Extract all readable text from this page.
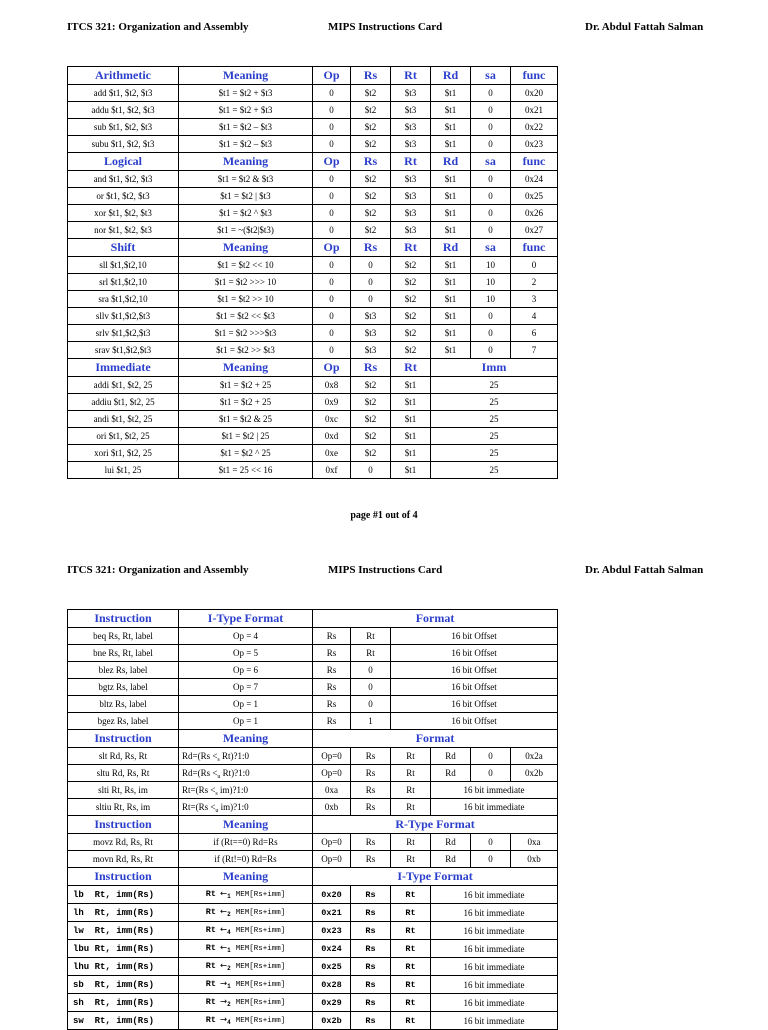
ITCS 321: Organization and Assembly	MIPS Instructions Card	Dr. Abdul Fattah Salman
Arithmetic	Meaning	Op	Rs	Rt	Rd	sa	func
add $t1, $t2, $t3	$t1 = $t2 + $t3	0	$t2	$t3	$t1	0	0x20
addu $t1, $t2, $t3	$t1 = $t2 + $t3	0	$t2	$t3	$t1	0	0x21
sub $t1, $t2, $t3	$t1 = $t2 – $t3	0	$t2	$t3	$t1	0	0x22
subu $t1, $t2, $t3	$t1 = $t2 – $t3	0	$t2	$t3	$t1	0	0x23
Logical	Meaning	Op	Rs	Rt	Rd	sa	func
and $t1, $t2, $t3	$t1 = $t2 & $t3	0	$t2	$t3	$t1	0	0x24
or $t1, $t2, $t3	$t1 = $t2 | $t3	0	$t2	$t3	$t1	0	0x25
xor $t1, $t2, $t3	$t1 = $t2 ^ $t3	0	$t2	$t3	$t1	0	0x26
nor $t1, $t2, $t3	$t1 = ~($t2|$t3)	0	$t2	$t3	$t1	0	0x27
Shift	Meaning	Op	Rs	Rt	Rd	sa	func
sll $t1,$t2,10	$t1 = $t2 << 10	0	0	$t2	$t1	10	0
srl $t1,$t2,10	$t1 = $t2 >>> 10	0	0	$t2	$t1	10	2
sra $t1,$t2,10	$t1 = $t2 >> 10	0	0	$t2	$t1	10	3
sllv $t1,$t2,$t3	$t1 = $t2 << $t3	0	$t3	$t2	$t1	0	4
srlv $t1,$t2,$t3	$t1 = $t2 >>>$t3	0	$t3	$t2	$t1	0	6
srav $t1,$t2,$t3	$t1 = $t2 >> $t3	0	$t3	$t2	$t1	0	7
Immediate	Meaning	Op	Rs	Rt	Imm		
addi $t1, $t2, 25	$t1 = $t2 + 25	0x8	$t2	$t1	25		
addiu $t1, $t2, 25	$t1 = $t2 + 25	0x9	$t2	$t1	25		
andi $t1, $t2, 25	$t1 = $t2 & 25	0xc	$t2	$t1	25		
ori $t1, $t2, 25	$t1 = $t2 | 25	0xd	$t2	$t1	25		
xori $t1, $t2, 25	$t1 = $t2 ^ 25	0xe	$t2	$t1	25		
lui $t1, 25	$t1 = 25 << 16	0xf	0	$t1	25		
page #1 out of 4
ITCS 321: Organization and Assembly	MIPS Instructions Card	Dr. Abdul Fattah Salman
Instruction	I-Type Format	Format					
beq Rs, Rt, label	Op = 4	Rs	Rt	16 bit Offset			
bne Rs, Rt, label	Op = 5	Rs	Rt	16 bit Offset			
blez Rs, label	Op = 6	Rs	0	16 bit Offset			
bgtz Rs, label	Op = 7	Rs	0	16 bit Offset			
bltz Rs, label	Op = 1	Rs	0	16 bit Offset			
bgez Rs, label	Op = 1	Rs	1	16 bit Offset			
Instruction	Meaning	Format					
slt Rd, Rs, Rt	$Rd=(Rs <_s$ Rt)?1:0	Op=0	Rs	Rt	Rd	0	0x2a
sltu Rd, Rs, Rt	$Rd=(Rs <_u$ Rt)?1:0	Op=0	Rs	Rt	Rd	0	0x2b
slti Rt, Rs, im	$Rt=(Rs <_s$ im)?1:0	0xa	Rs	Rt	16 bit immediate		
sltiu Rt, Rs, im	$Rt=(Rs <_u$ im)?1:0	0xb	Rs	Rt	16 bit immediate		
Instruction	Meaning	R-Type Format					
movz Rd, Rs, Rt	if (Rt==0) Rd=Rs	Op=0	Rs	Rt	Rd	0	0xa
movn Rd, Rs, Rt	if (Rt!=0) Rd=Rs	Op=0	Rs	Rt	Rd	0	0xb
Instruction	Meaning	I-Type Format					
lb  Rt, imm(Rs)	Rt $\leftarrow_1$ MEM[Rs+imm]	0x20	Rs	Rt	16 bit immediate		
lh  Rt, imm(Rs)	Rt $\leftarrow_2$ MEM[Rs+imm]	0x21	Rs	Rt	16 bit immediate		
lw  Rt, imm(Rs)	Rt $\leftarrow_4$ MEM[Rs+imm]	0x23	Rs	Rt	16 bit immediate		
lbu Rt, imm(Rs)	Rt $\leftarrow_1$ MEM[Rs+imm]	0x24	Rs	Rt	16 bit immediate		
lhu Rt, imm(Rs)	Rt $\leftarrow_2$ MEM[Rs+imm]	0x25	Rs	Rt	16 bit immediate		
sb  Rt, imm(Rs)	$Rt \to_1$ MEM[Rs+imm]	0x28	Rs	Rt	16 bit immediate		
sh  Rt, imm(Rs)	$Rt \to_2$ MEM[Rs+imm]	0x29	Rs	Rt	16 bit immediate		
sw  Rt, imm(Rs)	$Rt \to_4$ MEM[Rs+imm]	0x2b	Rs	Rt	16 bit immediate		
